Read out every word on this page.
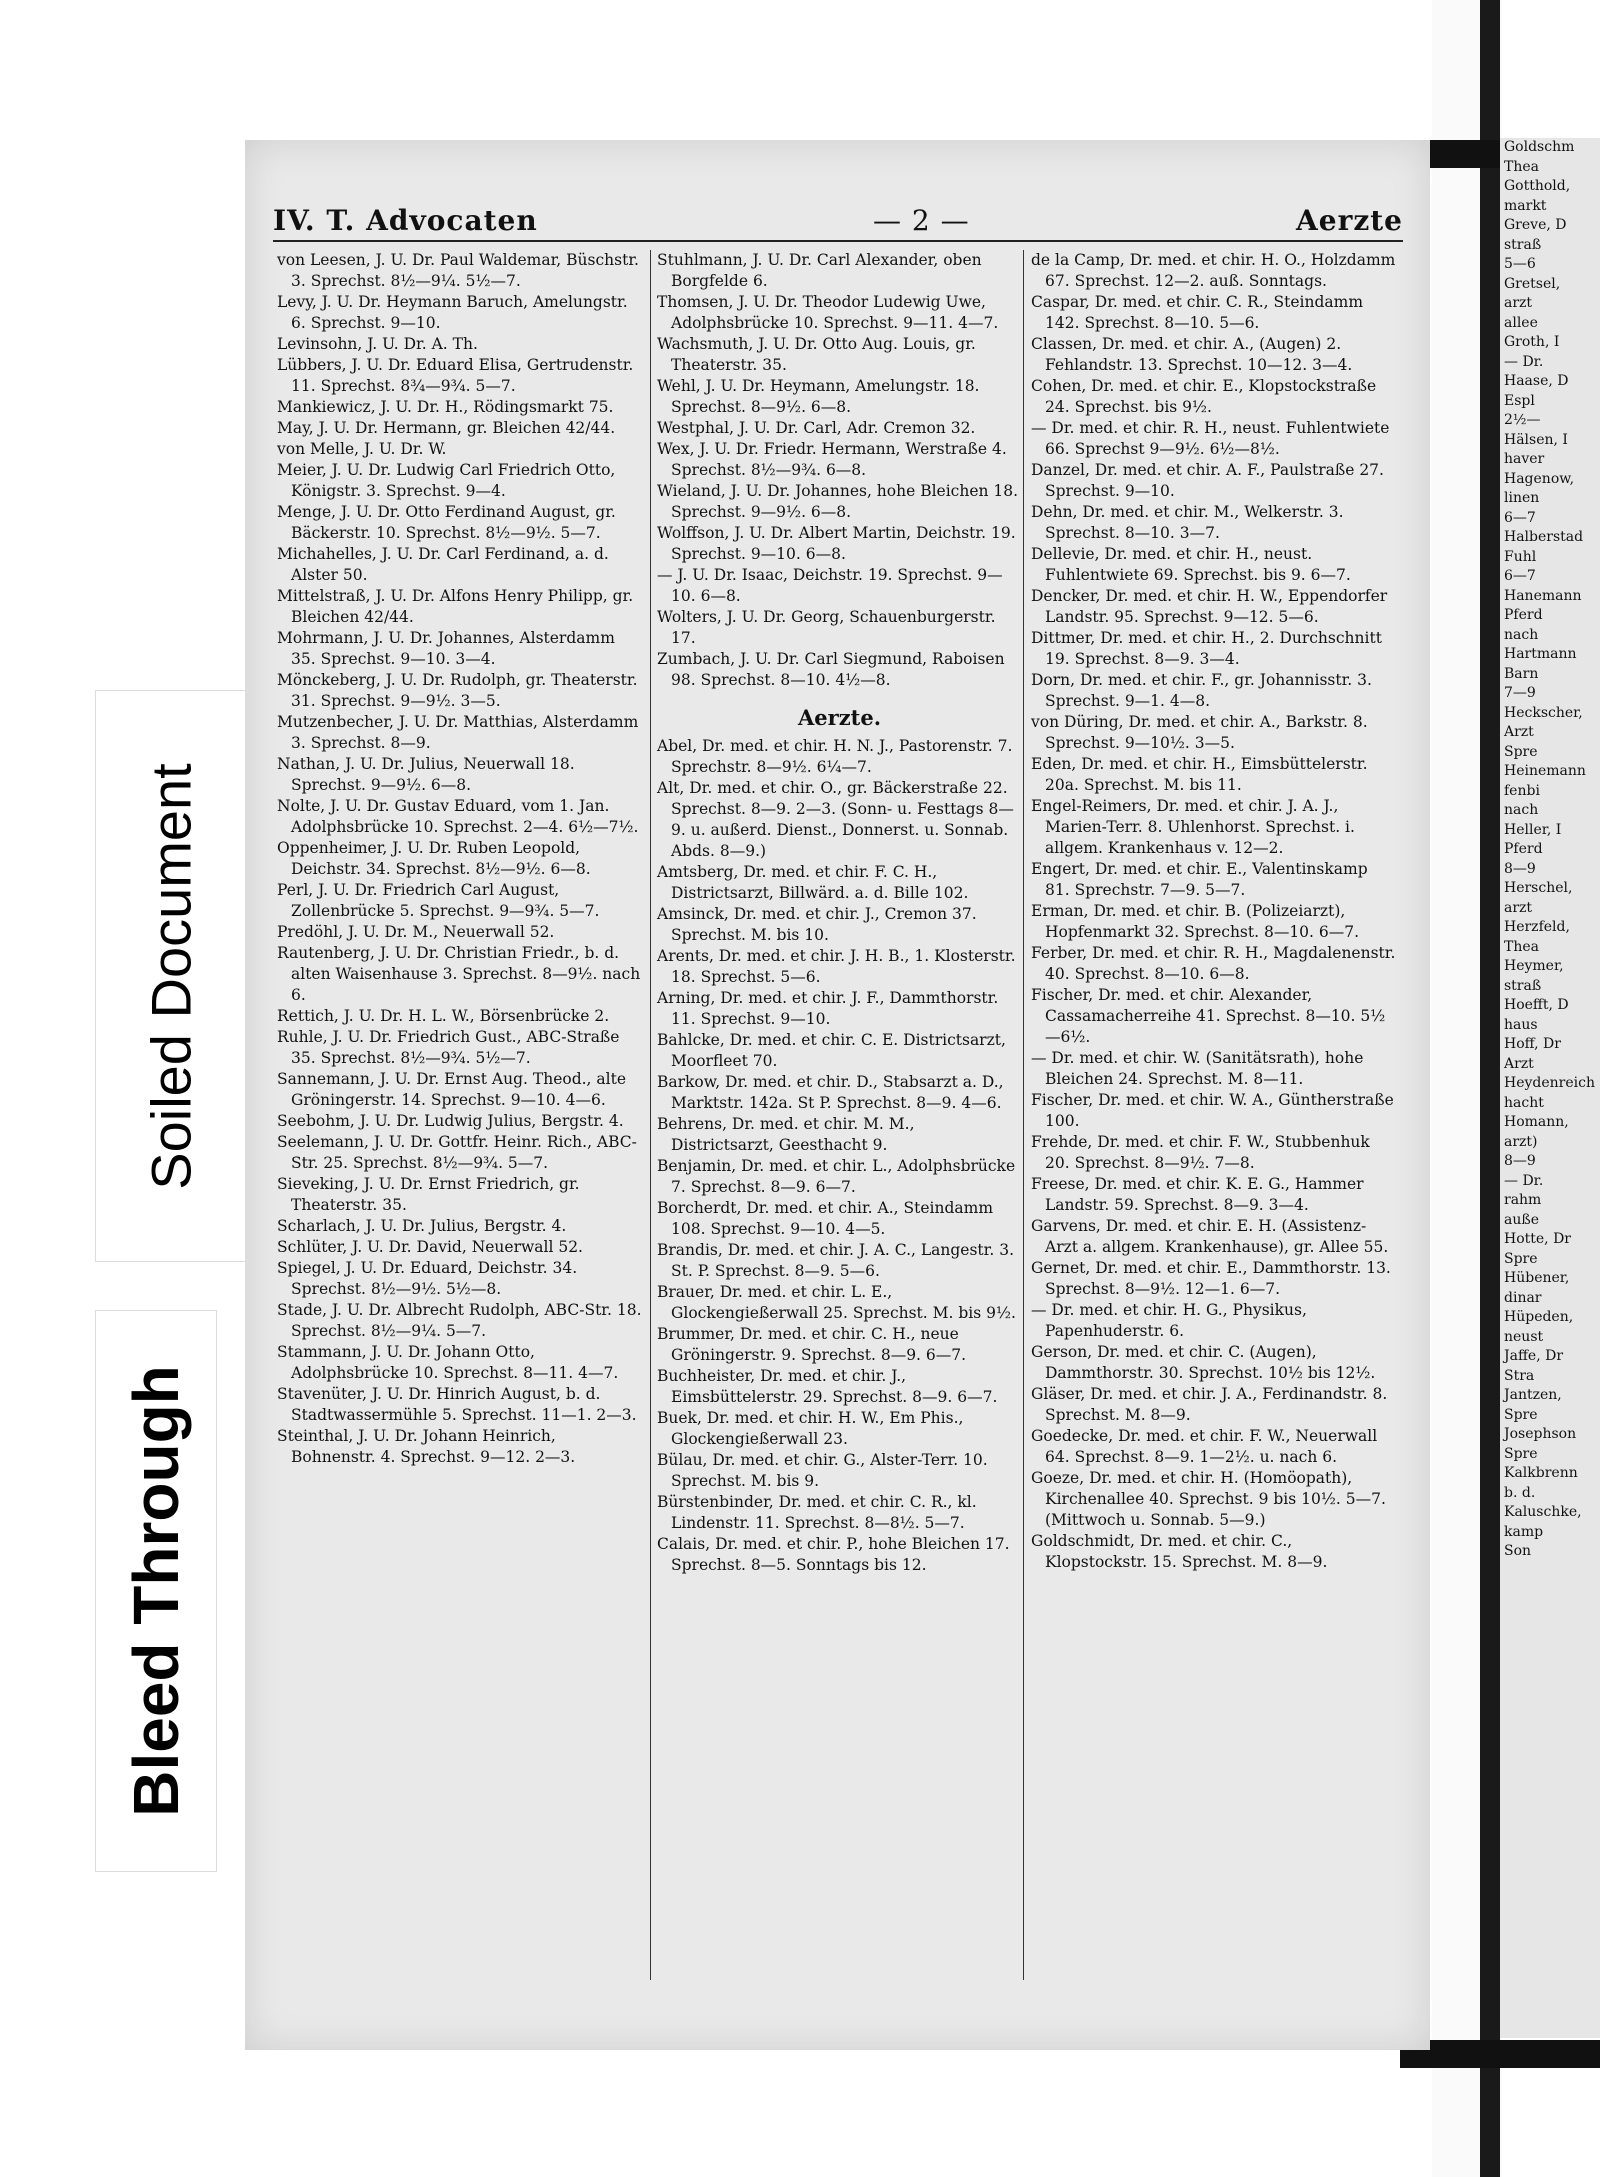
Goldschm
Thea
Gotthold,
markt
Greve, D
straß
5—6
Gretsel,
arzt
allee
Groth, I
— Dr.
Haase, D
Espl
2½—
Hälsen, I
haver
Hagenow,
linen
6—7
Halberstad
Fuhl
6—7
Hanemann
Pferd
nach
Hartmann
Barn
7—9
Heckscher,
Arzt
Spre
Heinemann
fenbi
nach
Heller, I
Pferd
8—9
Herschel,
arzt
Herzfeld,
Thea
Heymer,
straß
Hoefft, D
haus
Hoff, Dr
Arzt
Heydenreich
hacht
Homann,
arzt)
8—9
— Dr.
rahm
auße
Hotte, Dr
Spre
Hübener,
dinar
Hüpeden,
neust
Jaffe, Dr
Stra
Jantzen,
Spre
Josephson
Spre
Kalkbrenn
b. d.
Kaluschke,
kamp
Son
Soiled Document
Bleed Through
IV. T. Advocaten	— 2 —	Aerzte

von Leesen, J. U. Dr. Paul Waldemar, Büschstr. 3. Sprechst. 8½—9¼. 5½—7.

Levy, J. U. Dr. Heymann Baruch, Amelungstr. 6. Sprechst. 9—10.

Levinsohn, J. U. Dr. A. Th.

Lübbers, J. U. Dr. Eduard Elisa, Gertrudenstr. 11. Sprechst. 8¾—9¾. 5—7.

Mankiewicz, J. U. Dr. H., Rödingsmarkt 75.

May, J. U. Dr. Hermann, gr. Bleichen 42/44.

von Melle, J. U. Dr. W.

Meier, J. U. Dr. Ludwig Carl Friedrich Otto, Königstr. 3. Sprechst. 9—4.

Menge, J. U. Dr. Otto Ferdinand August, gr. Bäckerstr. 10. Sprechst. 8½—9½. 5—7.

Michahelles, J. U. Dr. Carl Ferdinand, a. d. Alster 50.

Mittelstraß, J. U. Dr. Alfons Henry Philipp, gr. Bleichen 42/44.

Mohrmann, J. U. Dr. Johannes, Alsterdamm 35. Sprechst. 9—10. 3—4.

Mönckeberg, J. U. Dr. Rudolph, gr. Theaterstr. 31. Sprechst. 9—9½. 3—5.

Mutzenbecher, J. U. Dr. Matthias, Alsterdamm 3. Sprechst. 8—9.

Nathan, J. U. Dr. Julius, Neuerwall 18. Sprechst. 9—9½. 6—8.

Nolte, J. U. Dr. Gustav Eduard, vom 1. Jan. Adolphsbrücke 10. Sprechst. 2—4. 6½—7½.

Oppenheimer, J. U. Dr. Ruben Leopold, Deichstr. 34. Sprechst. 8½—9½. 6—8.

Perl, J. U. Dr. Friedrich Carl August, Zollenbrücke 5. Sprechst. 9—9¾. 5—7.

Predöhl, J. U. Dr. M., Neuerwall 52.

Rautenberg, J. U. Dr. Christian Friedr., b. d. alten Waisenhause 3. Sprechst. 8—9½. nach 6.

Rettich, J. U. Dr. H. L. W., Börsenbrücke 2.

Ruhle, J. U. Dr. Friedrich Gust., ABC-Straße 35. Sprechst. 8½—9¾. 5½—7.

Sannemann, J. U. Dr. Ernst Aug. Theod., alte Gröningerstr. 14. Sprechst. 9—10. 4—6.

Seebohm, J. U. Dr. Ludwig Julius, Bergstr. 4.

Seelemann, J. U. Dr. Gottfr. Heinr. Rich., ABC-Str. 25. Sprechst. 8½—9¾. 5—7.

Sieveking, J. U. Dr. Ernst Friedrich, gr. Theaterstr. 35.

Scharlach, J. U. Dr. Julius, Bergstr. 4.

Schlüter, J. U. Dr. David, Neuerwall 52.

Spiegel, J. U. Dr. Eduard, Deichstr. 34. Sprechst. 8½—9½. 5½—8.

Stade, J. U. Dr. Albrecht Rudolph, ABC-Str. 18. Sprechst. 8½—9¼. 5—7.

Stammann, J. U. Dr. Johann Otto, Adolphsbrücke 10. Sprechst. 8—11. 4—7.

Stavenüter, J. U. Dr. Hinrich August, b. d. Stadtwassermühle 5. Sprechst. 11—1. 2—3.

Steinthal, J. U. Dr. Johann Heinrich, Bohnenstr. 4. Sprechst. 9—12. 2—3.

Stuhlmann, J. U. Dr. Carl Alexander, oben Borgfelde 6.

Thomsen, J. U. Dr. Theodor Ludewig Uwe, Adolphsbrücke 10. Sprechst. 9—11. 4—7.

Wachsmuth, J. U. Dr. Otto Aug. Louis, gr. Theaterstr. 35.

Wehl, J. U. Dr. Heymann, Amelungstr. 18. Sprechst. 8—9½. 6—8.

Westphal, J. U. Dr. Carl, Adr. Cremon 32.

Wex, J. U. Dr. Friedr. Hermann, Werstraße 4. Sprechst. 8½—9¾. 6—8.

Wieland, J. U. Dr. Johannes, hohe Bleichen 18. Sprechst. 9—9½. 6—8.

Wolffson, J. U. Dr. Albert Martin, Deichstr. 19. Sprechst. 9—10. 6—8.

— J. U. Dr. Isaac, Deichstr. 19. Sprechst. 9—10. 6—8.

Wolters, J. U. Dr. Georg, Schauenburgerstr. 17.

Zumbach, J. U. Dr. Carl Siegmund, Raboisen 98. Sprechst. 8—10. 4½—8.

Aerzte.

Abel, Dr. med. et chir. H. N. J., Pastorenstr. 7. Sprechstr. 8—9½. 6¼—7.

Alt, Dr. med. et chir. O., gr. Bäckerstraße 22. Sprechst. 8—9. 2—3. (Sonn- u. Festtags 8—9. u. außerd. Dienst., Donnerst. u. Sonnab. Abds. 8—9.)

Amtsberg, Dr. med. et chir. F. C. H., Districtsarzt, Billwärd. a. d. Bille 102.

Amsinck, Dr. med. et chir. J., Cremon 37. Sprechst. M. bis 10.

Arents, Dr. med. et chir. J. H. B., 1. Klosterstr. 18. Sprechst. 5—6.

Arning, Dr. med. et chir. J. F., Dammthorstr. 11. Sprechst. 9—10.

Bahlcke, Dr. med. et chir. C. E. Districtsarzt, Moorfleet 70.

Barkow, Dr. med. et chir. D., Stabsarzt a. D., Marktstr. 142a. St P. Sprechst. 8—9. 4—6.

Behrens, Dr. med. et chir. M. M., Districtsarzt, Geesthacht 9.

Benjamin, Dr. med. et chir. L., Adolphsbrücke 7. Sprechst. 8—9. 6—7.

Borcherdt, Dr. med. et chir. A., Steindamm 108. Sprechst. 9—10. 4—5.

Brandis, Dr. med. et chir. J. A. C., Langestr. 3. St. P. Sprechst. 8—9. 5—6.

Brauer, Dr. med. et chir. L. E., Glockengießerwall 25. Sprechst. M. bis 9½.

Brummer, Dr. med. et chir. C. H., neue Gröningerstr. 9. Sprechst. 8—9. 6—7.

Buchheister, Dr. med. et chir. J., Eimsbüttelerstr. 29. Sprechst. 8—9. 6—7.

Buek, Dr. med. et chir. H. W., Em Phis., Glockengießerwall 23.

Bülau, Dr. med. et chir. G., Alster-Terr. 10. Sprechst. M. bis 9.

Bürstenbinder, Dr. med. et chir. C. R., kl. Lindenstr. 11. Sprechst. 8—8½. 5—7.

Calais, Dr. med. et chir. P., hohe Bleichen 17. Sprechst. 8—5. Sonntags bis 12.

de la Camp, Dr. med. et chir. H. O., Holzdamm 67. Sprechst. 12—2. auß. Sonntags.

Caspar, Dr. med. et chir. C. R., Steindamm 142. Sprechst. 8—10. 5—6.

Classen, Dr. med. et chir. A., (Augen) 2. Fehlandstr. 13. Sprechst. 10—12. 3—4.

Cohen, Dr. med. et chir. E., Klopstockstraße 24. Sprechst. bis 9½.

— Dr. med. et chir. R. H., neust. Fuhlentwiete 66. Sprechst 9—9½. 6½—8½.

Danzel, Dr. med. et chir. A. F., Paulstraße 27. Sprechst. 9—10.

Dehn, Dr. med. et chir. M., Welkerstr. 3. Sprechst. 8—10. 3—7.

Dellevie, Dr. med. et chir. H., neust. Fuhlentwiete 69. Sprechst. bis 9. 6—7.

Dencker, Dr. med. et chir. H. W., Eppendorfer Landstr. 95. Sprechst. 9—12. 5—6.

Dittmer, Dr. med. et chir. H., 2. Durchschnitt 19. Sprechst. 8—9. 3—4.

Dorn, Dr. med. et chir. F., gr. Johannisstr. 3. Sprechst. 9—1. 4—8.

von Düring, Dr. med. et chir. A., Barkstr. 8. Sprechst. 9—10½. 3—5.

Eden, Dr. med. et chir. H., Eimsbüttelerstr. 20a. Sprechst. M. bis 11.

Engel-Reimers, Dr. med. et chir. J. A. J., Marien-Terr. 8. Uhlenhorst. Sprechst. i. allgem. Krankenhaus v. 12—2.

Engert, Dr. med. et chir. E., Valentinskamp 81. Sprechstr. 7—9. 5—7.

Erman, Dr. med. et chir. B. (Polizeiarzt), Hopfenmarkt 32. Sprechst. 8—10. 6—7.

Ferber, Dr. med. et chir. R. H., Magdalenenstr. 40. Sprechst. 8—10. 6—8.

Fischer, Dr. med. et chir. Alexander, Cassamacherreihe 41. Sprechst. 8—10. 5½—6½.

— Dr. med. et chir. W. (Sanitätsrath), hohe Bleichen 24. Sprechst. M. 8—11.

Fischer, Dr. med. et chir. W. A., Güntherstraße 100.

Frehde, Dr. med. et chir. F. W., Stubbenhuk 20. Sprechst. 8—9½. 7—8.

Freese, Dr. med. et chir. K. E. G., Hammer Landstr. 59. Sprechst. 8—9. 3—4.

Garvens, Dr. med. et chir. E. H. (Assistenz-Arzt a. allgem. Krankenhause), gr. Allee 55.

Gernet, Dr. med. et chir. E., Dammthorstr. 13. Sprechst. 8—9½. 12—1. 6—7.

— Dr. med. et chir. H. G., Physikus, Papenhuderstr. 6.

Gerson, Dr. med. et chir. C. (Augen), Dammthorstr. 30. Sprechst. 10½ bis 12½.

Gläser, Dr. med. et chir. J. A., Ferdinandstr. 8. Sprechst. M. 8—9.

Goedecke, Dr. med. et chir. F. W., Neuerwall 64. Sprechst. 8—9. 1—2½. u. nach 6.

Goeze, Dr. med. et chir. H. (Homöopath), Kirchenallee 40. Sprechst. 9 bis 10½. 5—7. (Mittwoch u. Sonnab. 5—9.)

Goldschmidt, Dr. med. et chir. C., Klopstockstr. 15. Sprechst. M. 8—9.
